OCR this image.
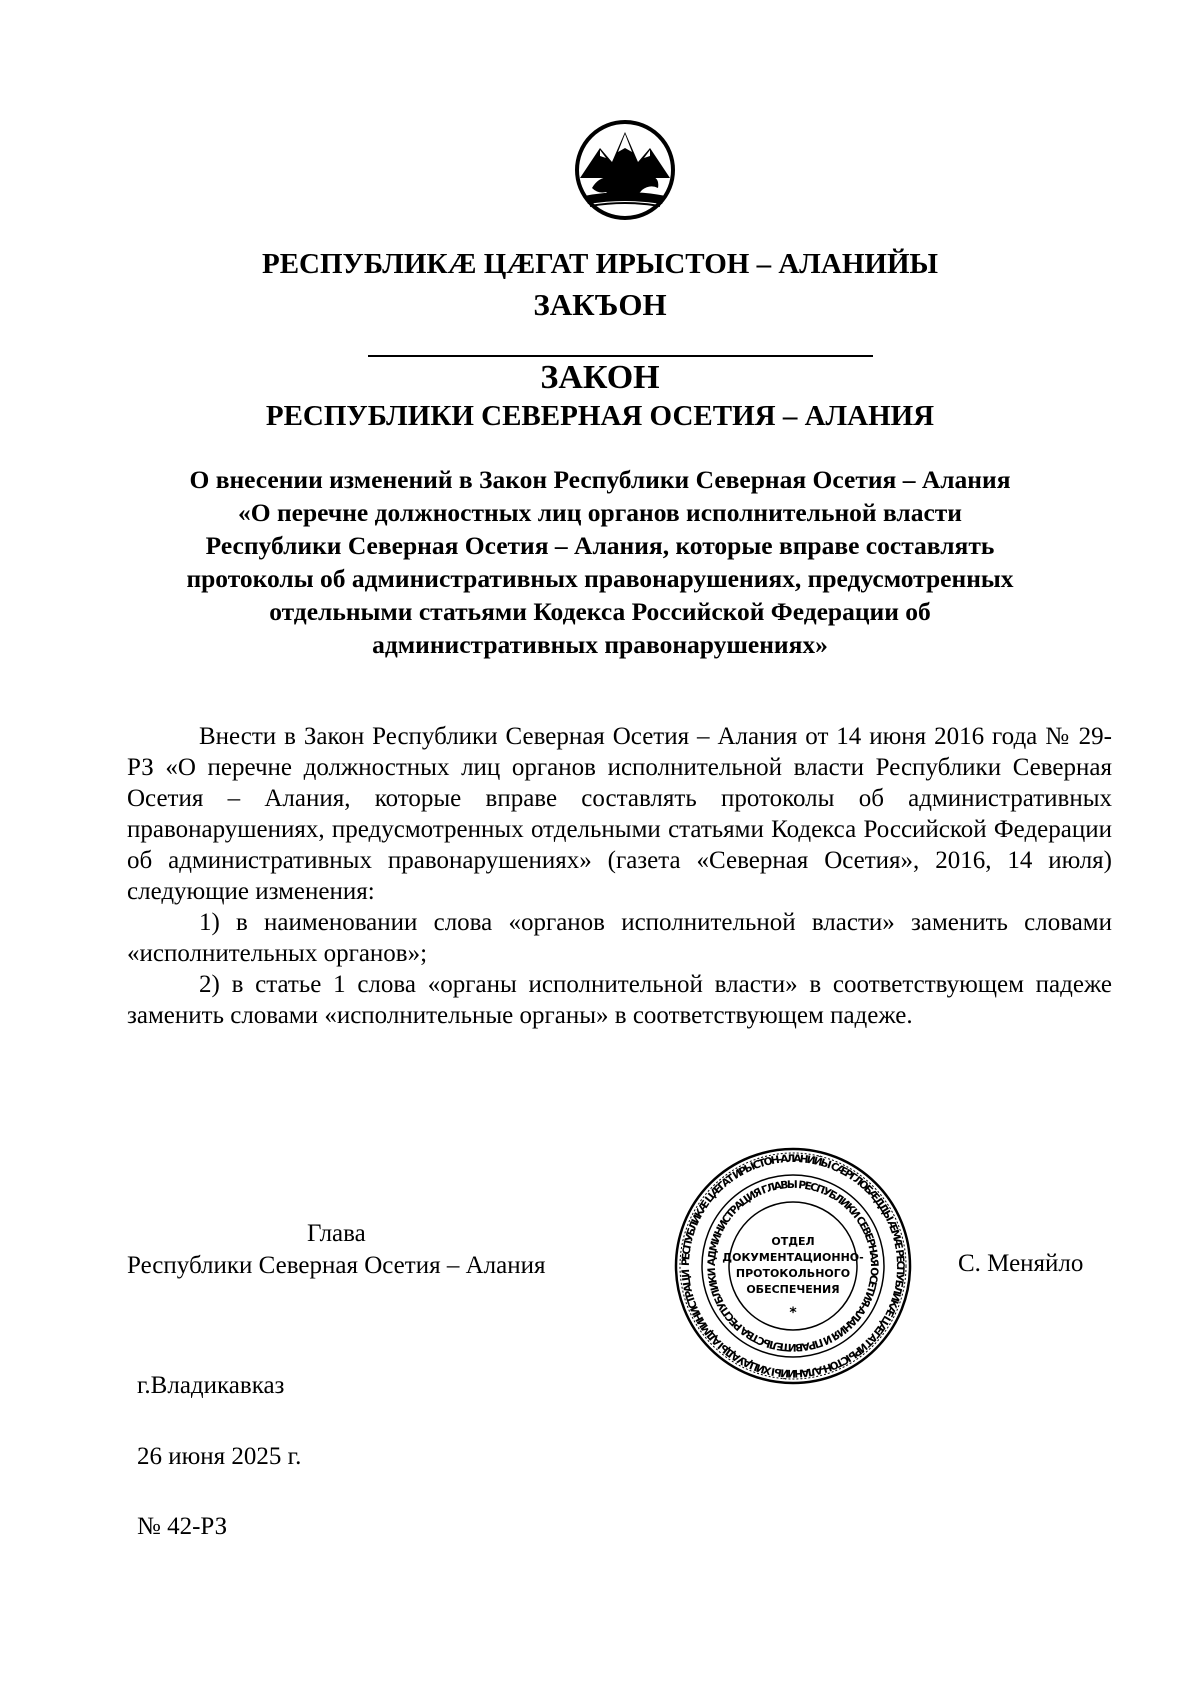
РЕСПУБЛИКÆ ЦÆГАТ ИРЫСТОН – АЛАНИЙЫ
ЗАКЪОН
ЗАКОН
РЕСПУБЛИКИ СЕВЕРНАЯ ОСЕТИЯ – АЛАНИЯ
О внесении изменений в Закон Республики Северная Осетия – Алания
«О перечне должностных лиц органов исполнительной власти
Республики Северная Осетия – Алания, которые вправе составлять
протоколы об административных правонарушениях, предусмотренных
отдельными статьями Кодекса Российской Федерации об
административных правонарушениях»

Внести в Закон Республики Северная Осетия – Алания от 14 июня 2016 года № 29-РЗ «О перечне должностных лиц органов исполнительной власти Республики Северная Осетия – Алания, которые вправе составлять протоколы об административных правонарушениях, предусмотренных отдельными статьями Кодекса Российской Федерации об административных правонарушениях» (газета «Северная Осетия», 2016, 14 июля) следующие изменения:

1) в наименовании слова «органов исполнительной власти» заменить словами «исполнительных органов»;

2) в статье 1 слова «органы исполнительной власти» в соответствующем падеже заменить словами «исполнительные органы» в соответствующем падеже.

Глава
Республики Северная Осетия – Алания	РЕСПУБЛИКÆ ЦÆГАТ ИРЫСТОН-АЛАНИЙЫ СÆРГЛОБÆДДЫ ÆМÆ РЕСПУБЛИКÆ ЦÆГАТ ИРЫСТОН-АЛАНИЙЫ ХИЦАУАДЫ АДМИНИСТРАЦИ
АДМИНИСТРАЦИЯ ГЛАВЫ РЕСПУБЛИКИ СЕВЕРНАЯ ОСЕТИЯ-АЛАНИЯ И ПРАВИТЕЛЬСТВА РЕСПУБЛИКИ
ОТДЕЛ
ДОКУМЕНТАЦИОННО-
ПРОТОКОЛЬНОГО
ОБЕСПЕЧЕНИЯ
*
С. Меняйло
г.Владикавказ
26 июня 2025 г.
№ 42-РЗ
